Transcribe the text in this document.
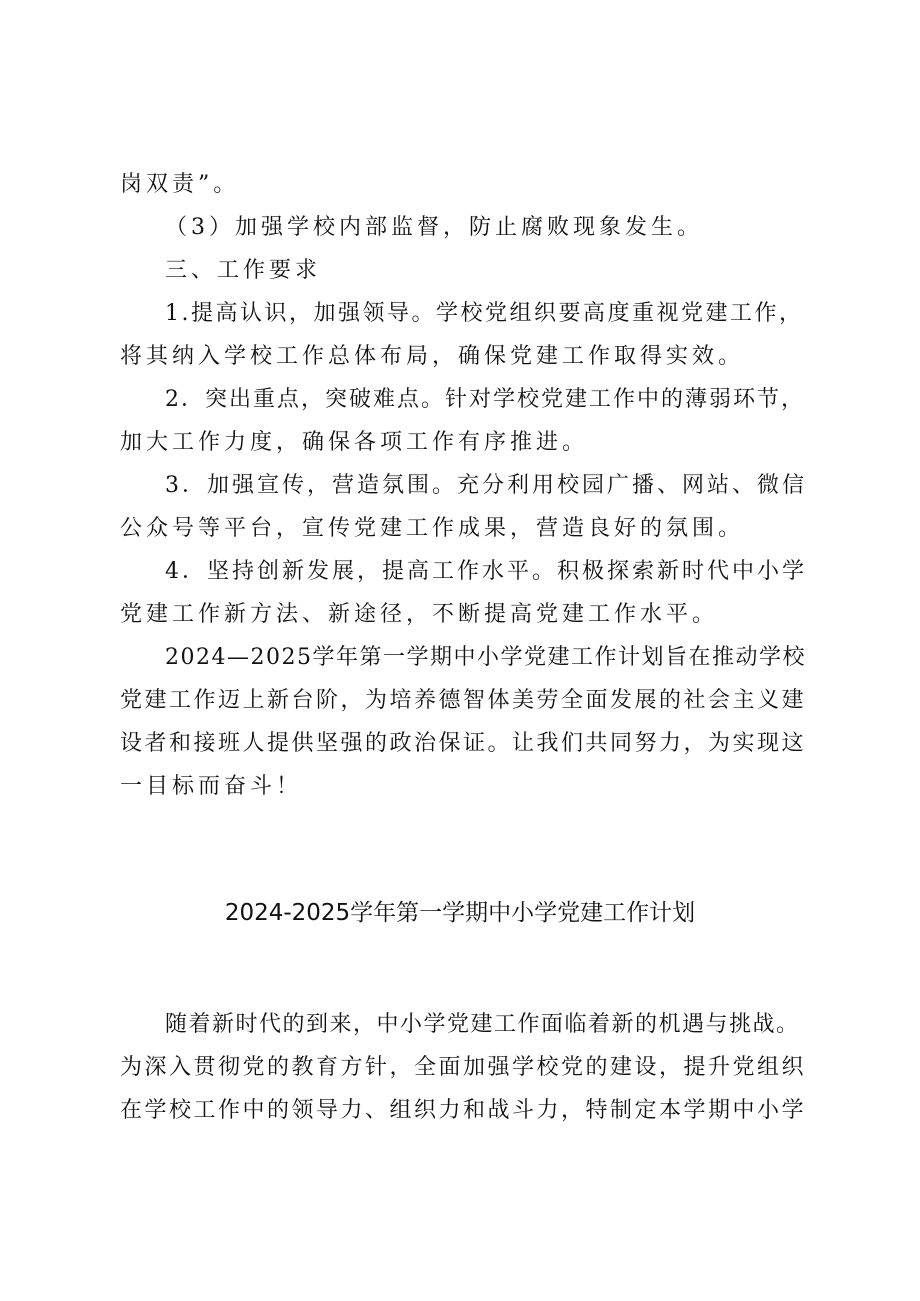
岗双责”。
（3）加强学校内部监督，防止腐败现象发生。
三、工作要求
1.提高认识，加强领导。学校党组织要高度重视党建工作，
将其纳入学校工作总体布局，确保党建工作取得实效。
2．突出重点，突破难点。针对学校党建工作中的薄弱环节，
加大工作力度，确保各项工作有序推进。
3．加强宣传，营造氛围。充分利用校园广播、网站、微信
公众号等平台，宣传党建工作成果，营造良好的氛围。
4．坚持创新发展，提高工作水平。积极探索新时代中小学
党建工作新方法、新途径，不断提高党建工作水平。
2024—2025学年第一学期中小学党建工作计划旨在推动学校
党建工作迈上新台阶，为培养德智体美劳全面发展的社会主义建
设者和接班人提供坚强的政治保证。让我们共同努力，为实现这
一目标而奋斗！
2024-2025学年第一学期中小学党建工作计划
随着新时代的到来，中小学党建工作面临着新的机遇与挑战。
为深入贯彻党的教育方针，全面加强学校党的建设，提升党组织
在学校工作中的领导力、组织力和战斗力，特制定本学期中小学
